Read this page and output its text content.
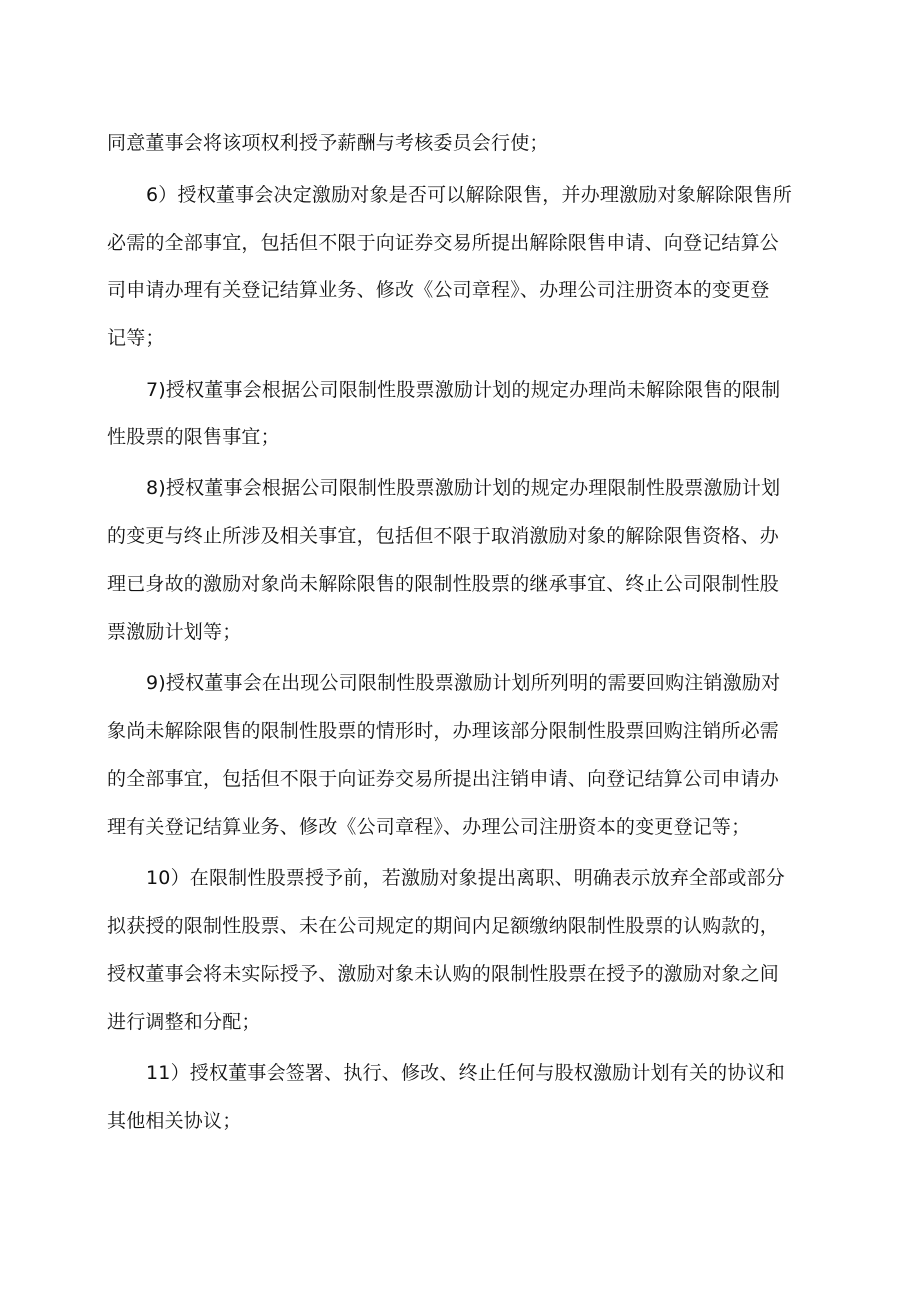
同意董事会将该项权利授予薪酬与考核委员会行使；
6）授权董事会决定激励对象是否可以解除限售，并办理激励对象解除限售所
必需的全部事宜，包括但不限于向证券交易所提出解除限售申请、向登记结算公
司申请办理有关登记结算业务、修改《公司章程》、办理公司注册资本的变更登
记等；
7)授权董事会根据公司限制性股票激励计划的规定办理尚未解除限售的限制
性股票的限售事宜；
8)授权董事会根据公司限制性股票激励计划的规定办理限制性股票激励计划
的变更与终止所涉及相关事宜，包括但不限于取消激励对象的解除限售资格、办
理已身故的激励对象尚未解除限售的限制性股票的继承事宜、终止公司限制性股
票激励计划等；
9)授权董事会在出现公司限制性股票激励计划所列明的需要回购注销激励对
象尚未解除限售的限制性股票的情形时，办理该部分限制性股票回购注销所必需
的全部事宜，包括但不限于向证券交易所提出注销申请、向登记结算公司申请办
理有关登记结算业务、修改《公司章程》、办理公司注册资本的变更登记等；
10）在限制性股票授予前，若激励对象提出离职、明确表示放弃全部或部分
拟获授的限制性股票、未在公司规定的期间内足额缴纳限制性股票的认购款的，
授权董事会将未实际授予、激励对象未认购的限制性股票在授予的激励对象之间
进行调整和分配；
11）授权董事会签署、执行、修改、终止任何与股权激励计划有关的协议和
其他相关协议；
